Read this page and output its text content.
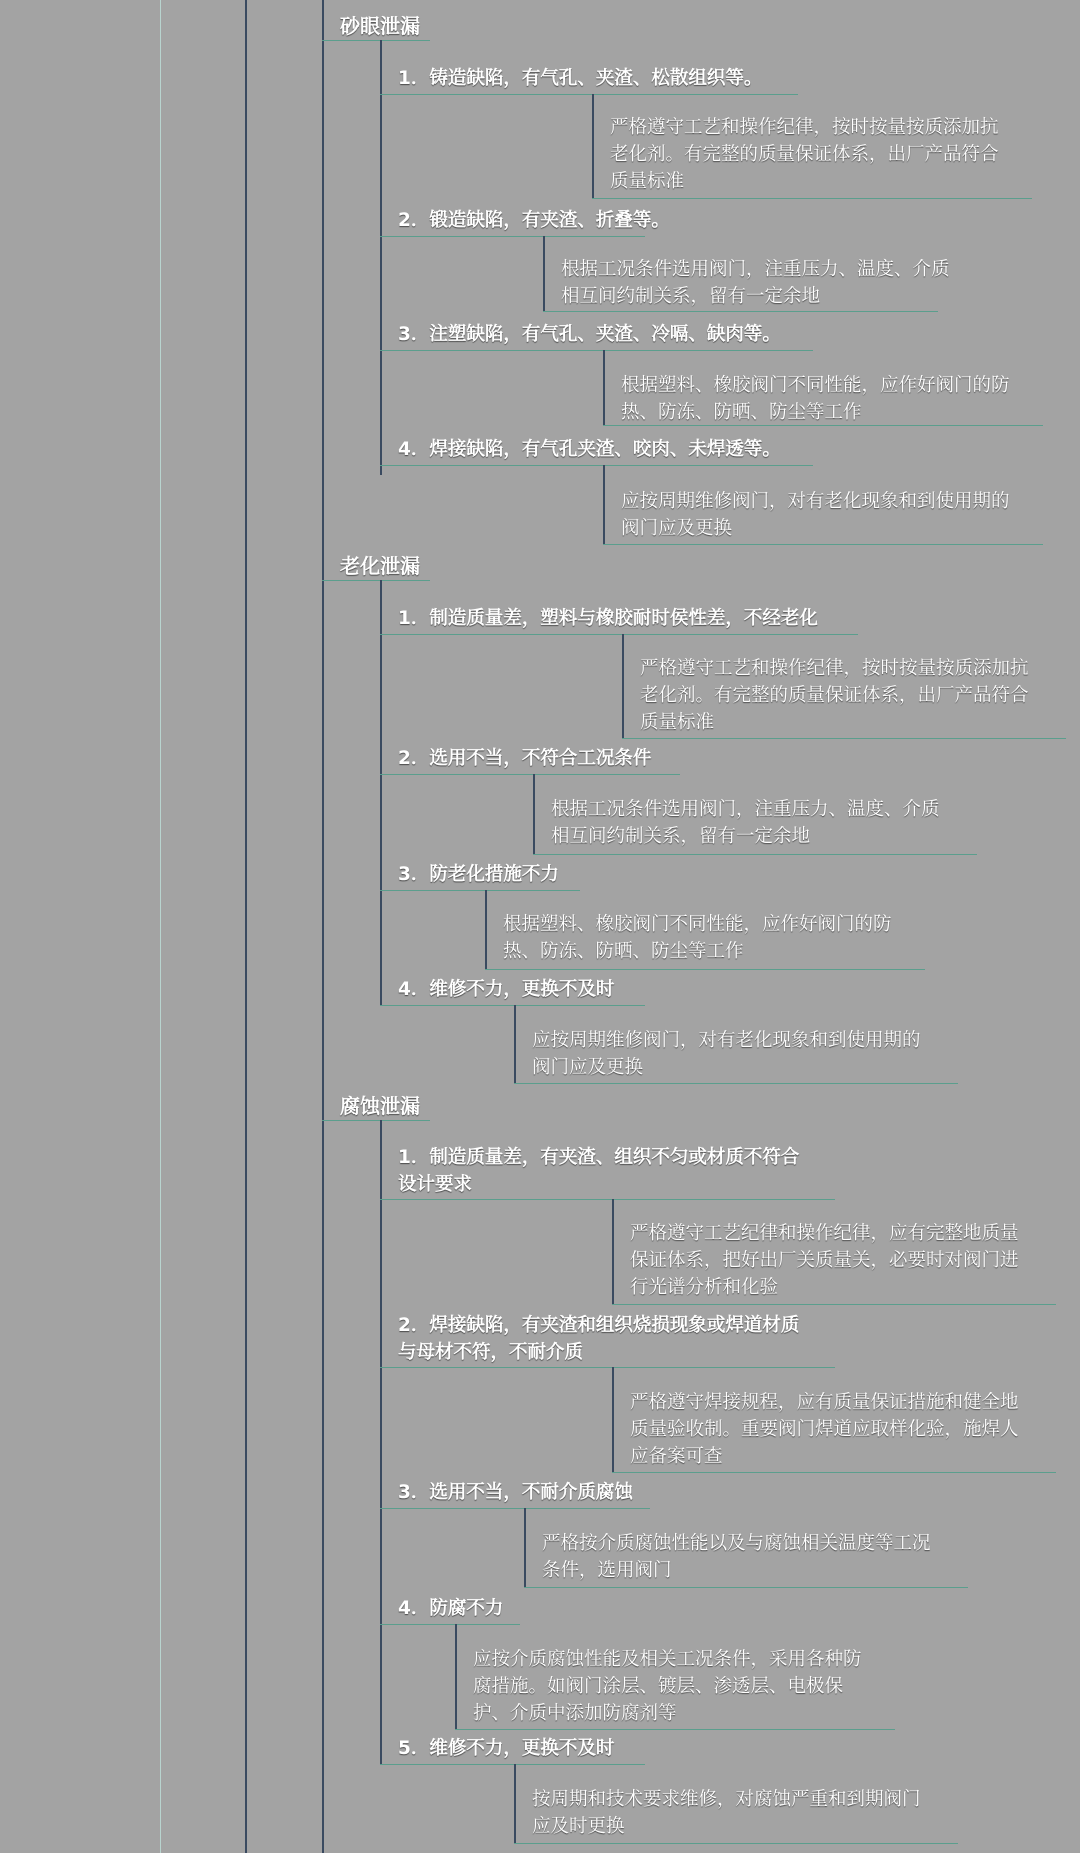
砂眼泄漏
1．铸造缺陷，有气孔、夹渣、松散组织等。
严格遵守工艺和操作纪律，按时按量按质添加抗
老化剂。有完整的质量保证体系，出厂产品符合
质量标准
2．锻造缺陷，有夹渣、折叠等。
根据工况条件选用阀门，注重压力、温度、介质
相互间约制关系，留有一定余地
3．注塑缺陷，有气孔、夹渣、冷嗝、缺肉等。
根据塑料、橡胶阀门不同性能，应作好阀门的防
热、防冻、防晒、防尘等工作
4．焊接缺陷，有气孔夹渣、咬肉、未焊透等。
应按周期维修阀门，对有老化现象和到使用期的
阀门应及更换
老化泄漏
1．制造质量差，塑料与橡胶耐时侯性差，不经老化
严格遵守工艺和操作纪律，按时按量按质添加抗
老化剂。有完整的质量保证体系，出厂产品符合
质量标准
2．选用不当，不符合工况条件
根据工况条件选用阀门，注重压力、温度、介质
相互间约制关系，留有一定余地
3．防老化措施不力
根据塑料、橡胶阀门不同性能，应作好阀门的防
热、防冻、防晒、防尘等工作
4．维修不力，更换不及时
应按周期维修阀门，对有老化现象和到使用期的
阀门应及更换
腐蚀泄漏
1．制造质量差，有夹渣、组织不匀或材质不符合
设计要求
严格遵守工艺纪律和操作纪律，应有完整地质量
保证体系，把好出厂关质量关，必要时对阀门进
行光谱分析和化验
2．焊接缺陷，有夹渣和组织烧损现象或焊道材质
与母材不符，不耐介质
严格遵守焊接规程，应有质量保证措施和健全地
质量验收制。重要阀门焊道应取样化验，施焊人
应备案可查
3．选用不当，不耐介质腐蚀
严格按介质腐蚀性能以及与腐蚀相关温度等工况
条件，选用阀门
4．防腐不力
应按介质腐蚀性能及相关工况条件，采用各种防
腐措施。如阀门涂层、镀层、渗透层、电极保
护、介质中添加防腐剂等
5．维修不力，更换不及时
按周期和技术要求维修，对腐蚀严重和到期阀门
应及时更换
